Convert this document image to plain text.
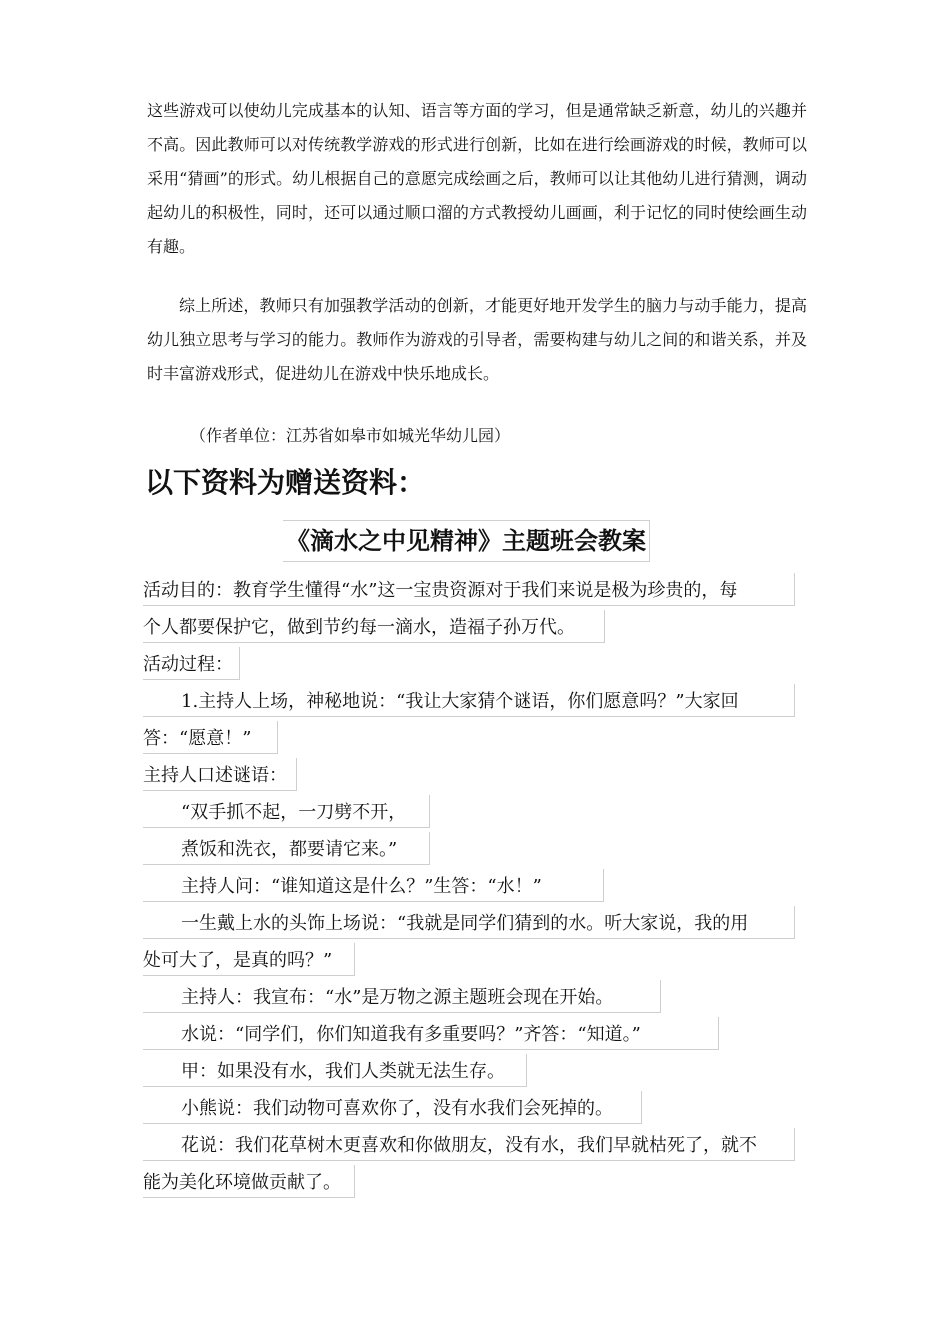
这些游戏可以使幼儿完成基本的认知、语言等方面的学习，但是通常缺乏新意，幼儿的兴趣并不高。因此教师可以对传统教学游戏的形式进行创新，比如在进行绘画游戏的时候，教师可以采用“猜画”的形式。幼儿根据自己的意愿完成绘画之后，教师可以让其他幼儿进行猜测，调动起幼儿的积极性，同时，还可以通过顺口溜的方式教授幼儿画画，利于记忆的同时使绘画生动有趣。

综上所述，教师只有加强教学活动的创新，才能更好地开发学生的脑力与动手能力，提高幼儿独立思考与学习的能力。教师作为游戏的引导者，需要构建与幼儿之间的和谐关系，并及时丰富游戏形式，促进幼儿在游戏中快乐地成长。

（作者单位：江苏省如皋市如城光华幼儿园）

以下资料为赠送资料：
《滴水之中见精神》主题班会教案
活动目的：教育学生懂得“水”这一宝贵资源对于我们来说是极为珍贵的，每
个人都要保护它，做到节约每一滴水，造福子孙万代。
活动过程：
1.主持人上场，神秘地说：“我让大家猜个谜语，你们愿意吗？”大家回
答：“愿意！”
主持人口述谜语：
“双手抓不起，一刀劈不开，
煮饭和洗衣，都要请它来。”
主持人问：“谁知道这是什么？”生答：“水！”
一生戴上水的头饰上场说：“我就是同学们猜到的水。听大家说，我的用
处可大了，是真的吗？”
主持人：我宣布：“水”是万物之源主题班会现在开始。
水说：“同学们，你们知道我有多重要吗？”齐答：“知道。”
甲：如果没有水，我们人类就无法生存。
小熊说：我们动物可喜欢你了，没有水我们会死掉的。
花说：我们花草树木更喜欢和你做朋友，没有水，我们早就枯死了，就不
能为美化环境做贡献了。
